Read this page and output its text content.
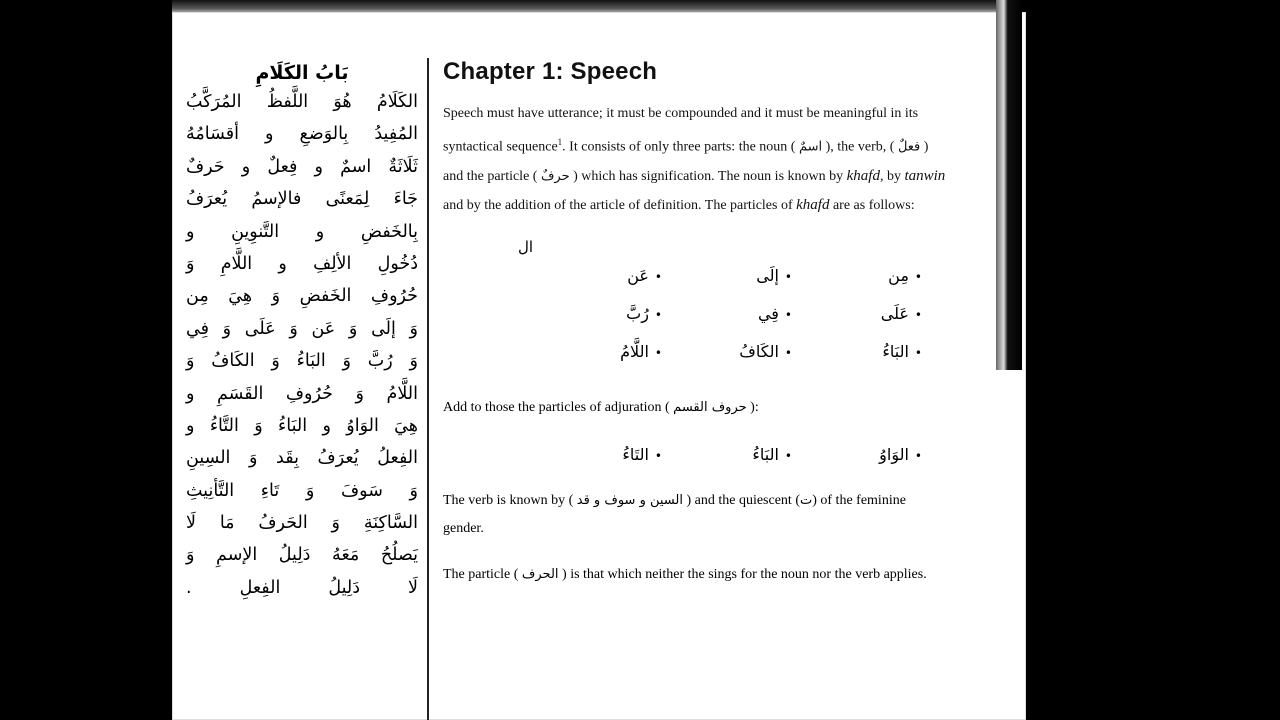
بَابُ الكَلَامِ
الكَلَامُ هُوَ اللَّفظُ المُرَكَّبُ
المُفِيدُ بِالوَضعِ و أقسَامُهُ
ثَلَاثَةٌ اسمٌ و فِعلٌ و حَرفٌ
جَاءَ لِمَعنًى فالإسمُ يُعرَفُ
بِالخَفضِ و التَّنوِينِ و
دُخُولِ الألِفِ و اللَّامِ وَ
حُرُوفِ الخَفضِ وَ هِيَ مِن
وَ إلَى وَ عَن وَ عَلَى وَ فِي
وَ رُبَّ وَ البَاءُ وَ الكَافُ وَ
اللَّامُ وَ حُرُوفِ القَسَمِ و
هِيَ الوَاوُ و البَاءُ وَ التَّاءُ و
الفِعلُ يُعرَفُ بِقَد وَ السِينِ
وَ سَوفَ وَ تَاءِ التَّأنِيثِ
السَّاكِنَةِ وَ الحَرفُ مَا لَا
يَصلُحُ مَعَهُ دَلِيلُ الإسمِ وَ
لَا دَلِيلُ الفِعلِ .
Chapter 1: Speech

Speech must have utterance; it must be compounded and it must be meaningful in its syntactical sequence$^1$. It consists of only three parts: the noun ( اسمٌ ), the verb, ( فعلٌ ) and the particle ( حرفٌ ) which has signification. The noun is known by khafd, by tanwin and by the addition of the article of definition. The particles of khafd are as follows:

ال
•مِن
•إلَى
•عَن
•عَلَى
•فِي
•رُبَّ
•البَاءُ
•الكَافُ
•اللَّامُ

Add to those the particles of adjuration ( حروف القسم ):

•الوَاوُ
•البَاءُ
•التَاءُ

The verb is known by ( السين و سوف و قد ) and the quiescent (ت) of the feminine gender.

The particle ( الحرف ) is that which neither the sings for the noun nor the verb applies.
